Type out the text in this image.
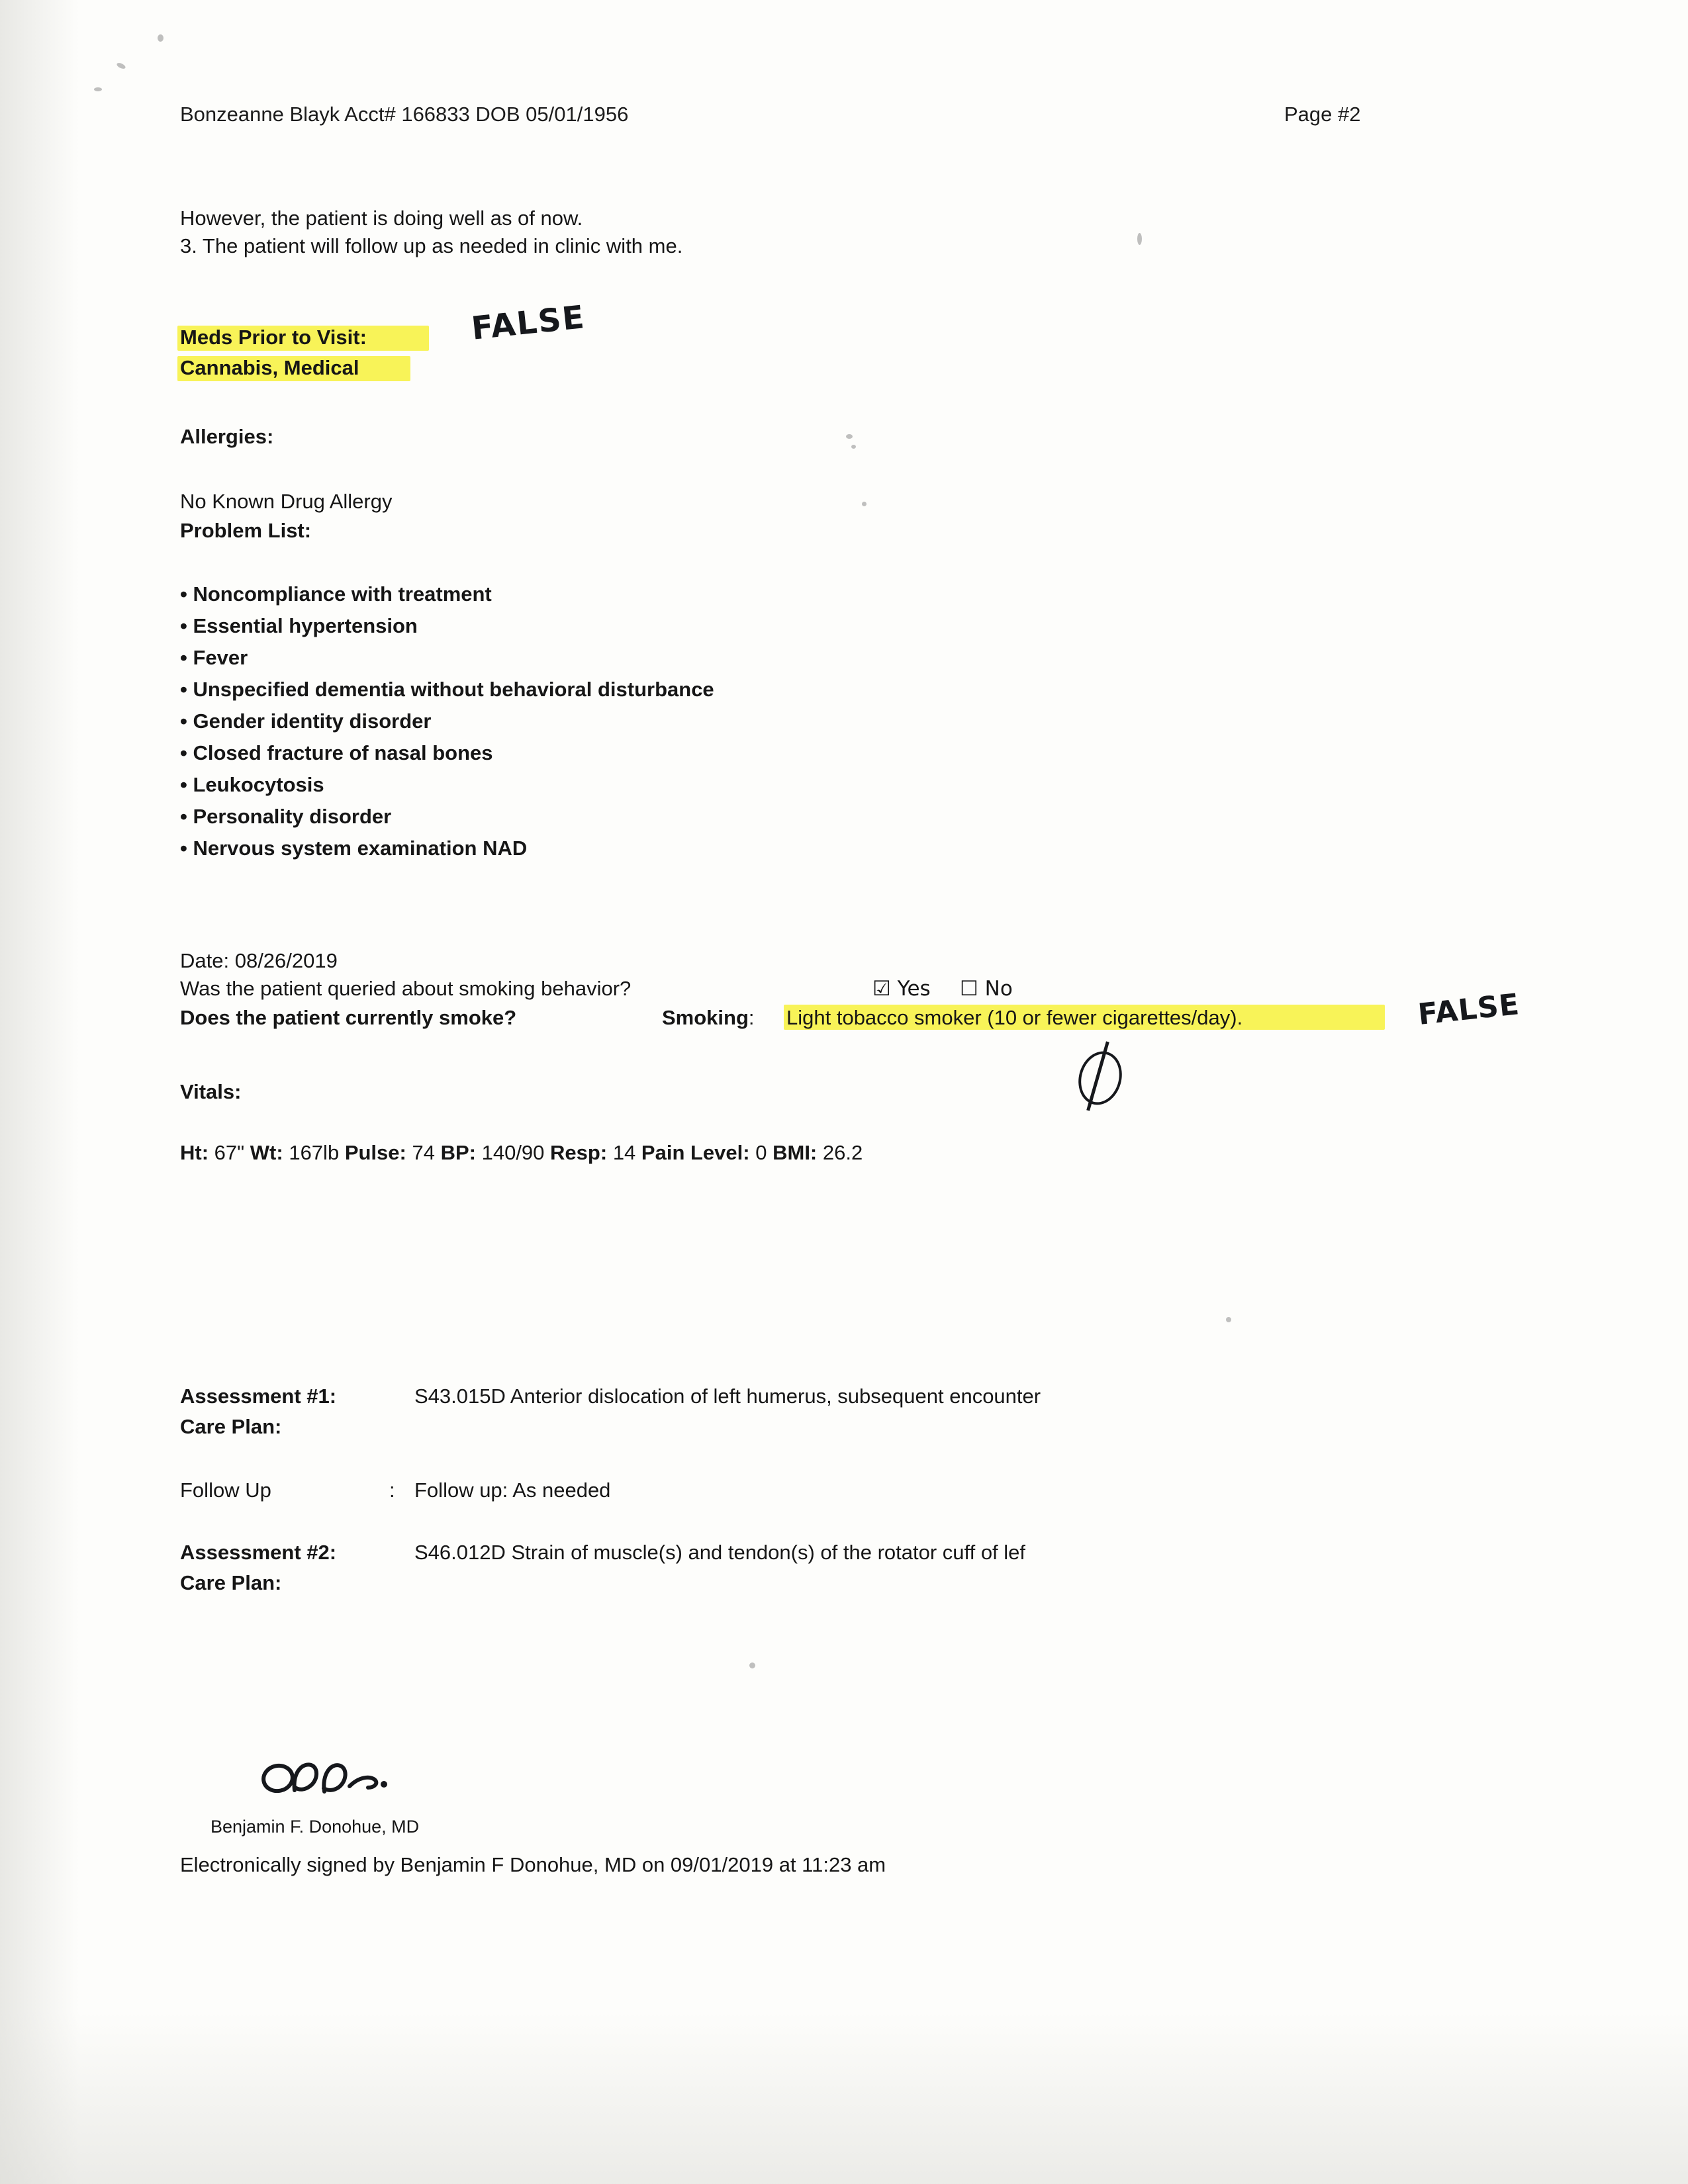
Bonzeanne Blayk Acct# 166833 DOB 05/01/1956	Page #2
However, the patient is doing well as of now.
3. The patient will follow up as needed in clinic with me.
Meds Prior to Visit:
Cannabis, Medical
FALSE
Allergies:
No Known Drug Allergy
Problem List:
• Noncompliance with treatment
• Essential hypertension
• Fever
• Unspecified dementia without behavioral disturbance
• Gender identity disorder
• Closed fracture of nasal bones
• Leukocytosis
• Personality disorder
• Nervous system examination NAD
Date: 08/26/2019
Was the patient queried about smoking behavior?	☑ Yes ☐ No
Does the patient currently smoke?	Smoking: Light tobacco smoker (10 or fewer cigarettes/day).	FALSE
Vitals:
Ht: 67" Wt: 167lb Pulse: 74 BP: 140/90 Resp: 14 Pain Level: 0 BMI: 26.2
Assessment #1:	S43.015D Anterior dislocation of left humerus, subsequent encounter
Care Plan:
Follow Up	: Follow up: As needed
Assessment #2:	S46.012D Strain of muscle(s) and tendon(s) of the rotator cuff of lef
Care Plan:
Benjamin F. Donohue, MD
Electronically signed by Benjamin F Donohue, MD on 09/01/2019 at 11:23 am
